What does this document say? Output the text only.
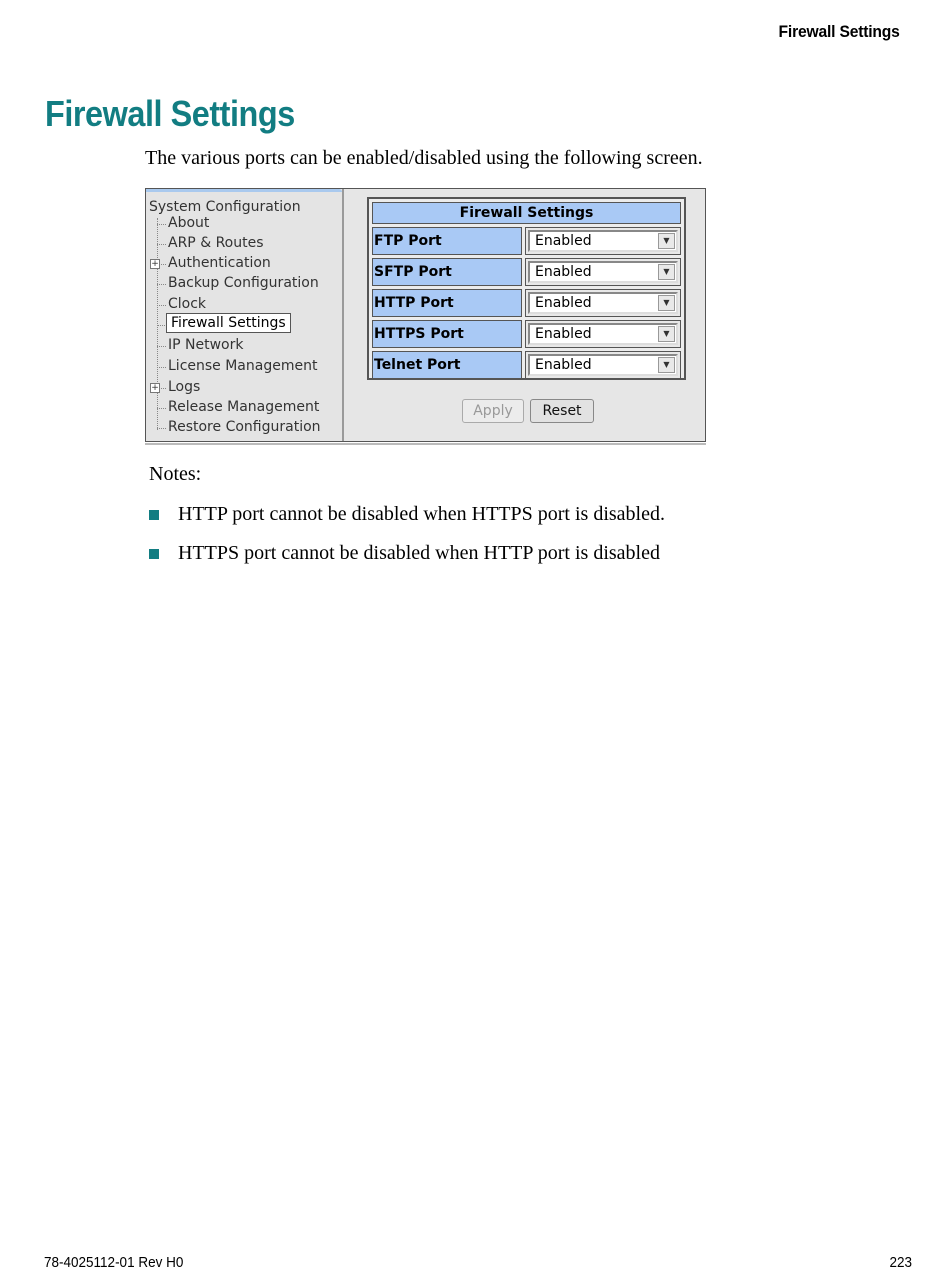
Firewall Settings
Firewall Settings

The various ports can be enabled/disabled using the following screen.

System Configuration
About
ARP & Routes
+ Authentication
Backup Configuration
Clock
Firewall Settings
IP Network
License Management
+ Logs
Release Management
Restore Configuration
Firewall Settings
FTP Port	Enabled	▼
SFTP Port	Enabled	▼
HTTP Port	Enabled	▼
HTTPS Port	Enabled	▼
Telnet Port	Enabled	▼
Apply	Reset

Notes:

HTTP port cannot be disabled when HTTPS port is disabled.
HTTPS port cannot be disabled when HTTP port is disabled
78-4025112-01 Rev H0	223
